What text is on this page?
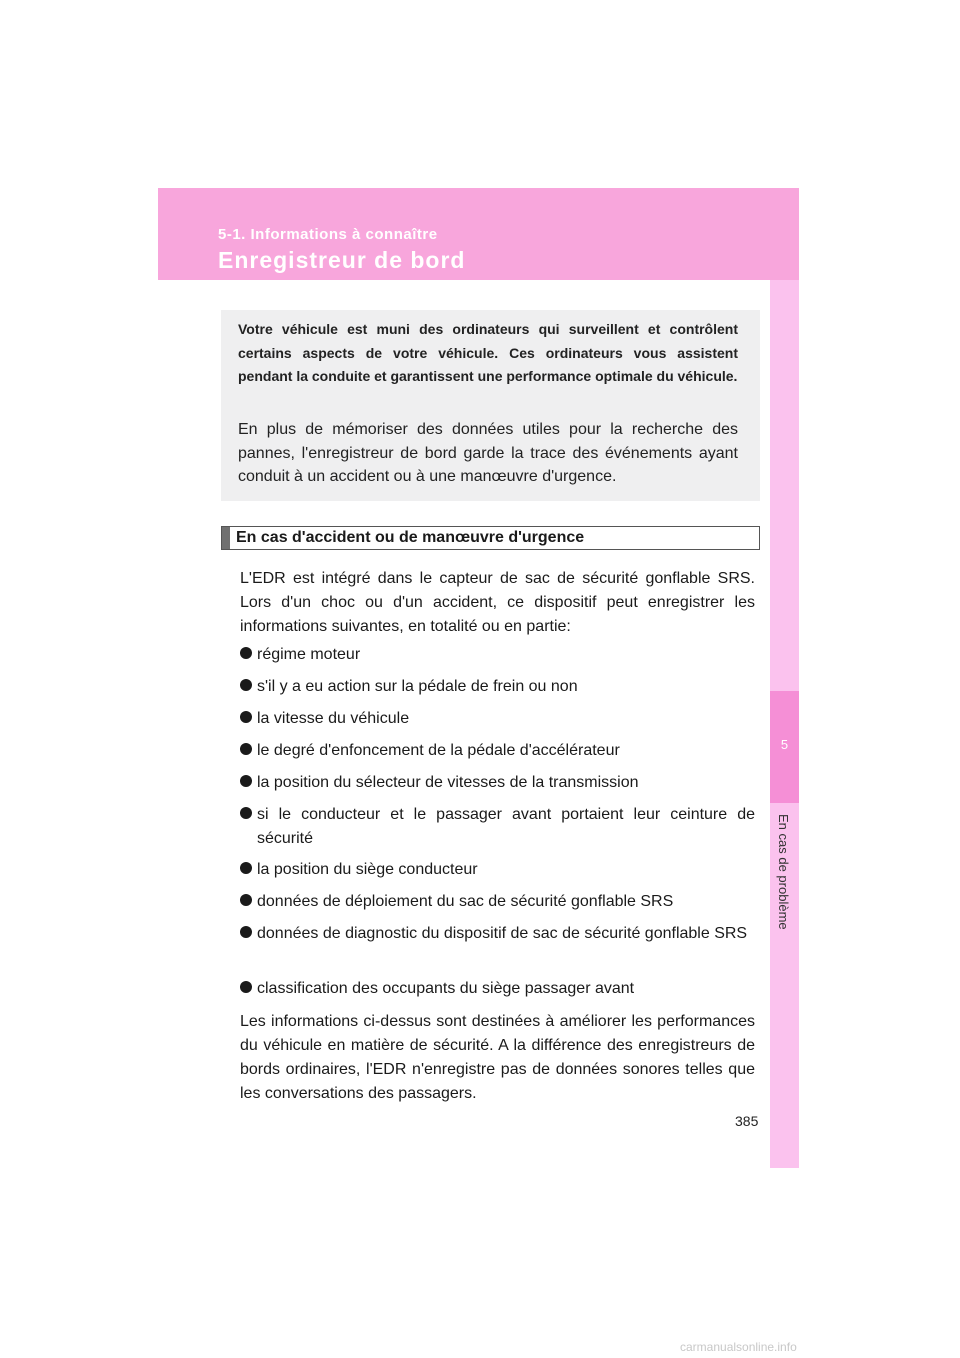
5-1. Informations à connaître
Enregistreur de bord
5
En cas de problème

Votre véhicule est muni des ordinateurs qui surveillent et contrôlent certains aspects de votre véhicule. Ces ordinateurs vous assistent pendant la conduite et garantissent une performance optimale du véhicule.

En plus de mémoriser des données utiles pour la recherche des pannes, l'enregistreur de bord garde la trace des événements ayant conduit à un accident ou à une manœuvre d'urgence.

En cas d'accident ou de manœuvre d'urgence

L'EDR est intégré dans le capteur de sac de sécurité gonflable SRS. Lors d'un choc ou d'un accident, ce dispositif peut enregistrer les informations suivantes, en totalité ou en partie:

régime moteur
s'il y a eu action sur la pédale de frein ou non
la vitesse du véhicule
le degré d'enfoncement de la pédale d'accélérateur
la position du sélecteur de vitesses de la transmission
si le conducteur et le passager avant portaient leur ceinture de sécurité
la position du siège conducteur
données de déploiement du sac de sécurité gonflable SRS
données de diagnostic du dispositif de sac de sécurité gonflable SRS
classification des occupants du siège passager avant

Les informations ci-dessus sont destinées à améliorer les performances du véhicule en matière de sécurité. A la différence des enregistreurs de bords ordinaires, l'EDR n'enregistre pas de données sonores telles que les conversations des passagers.

385
carmanualsonline.info
